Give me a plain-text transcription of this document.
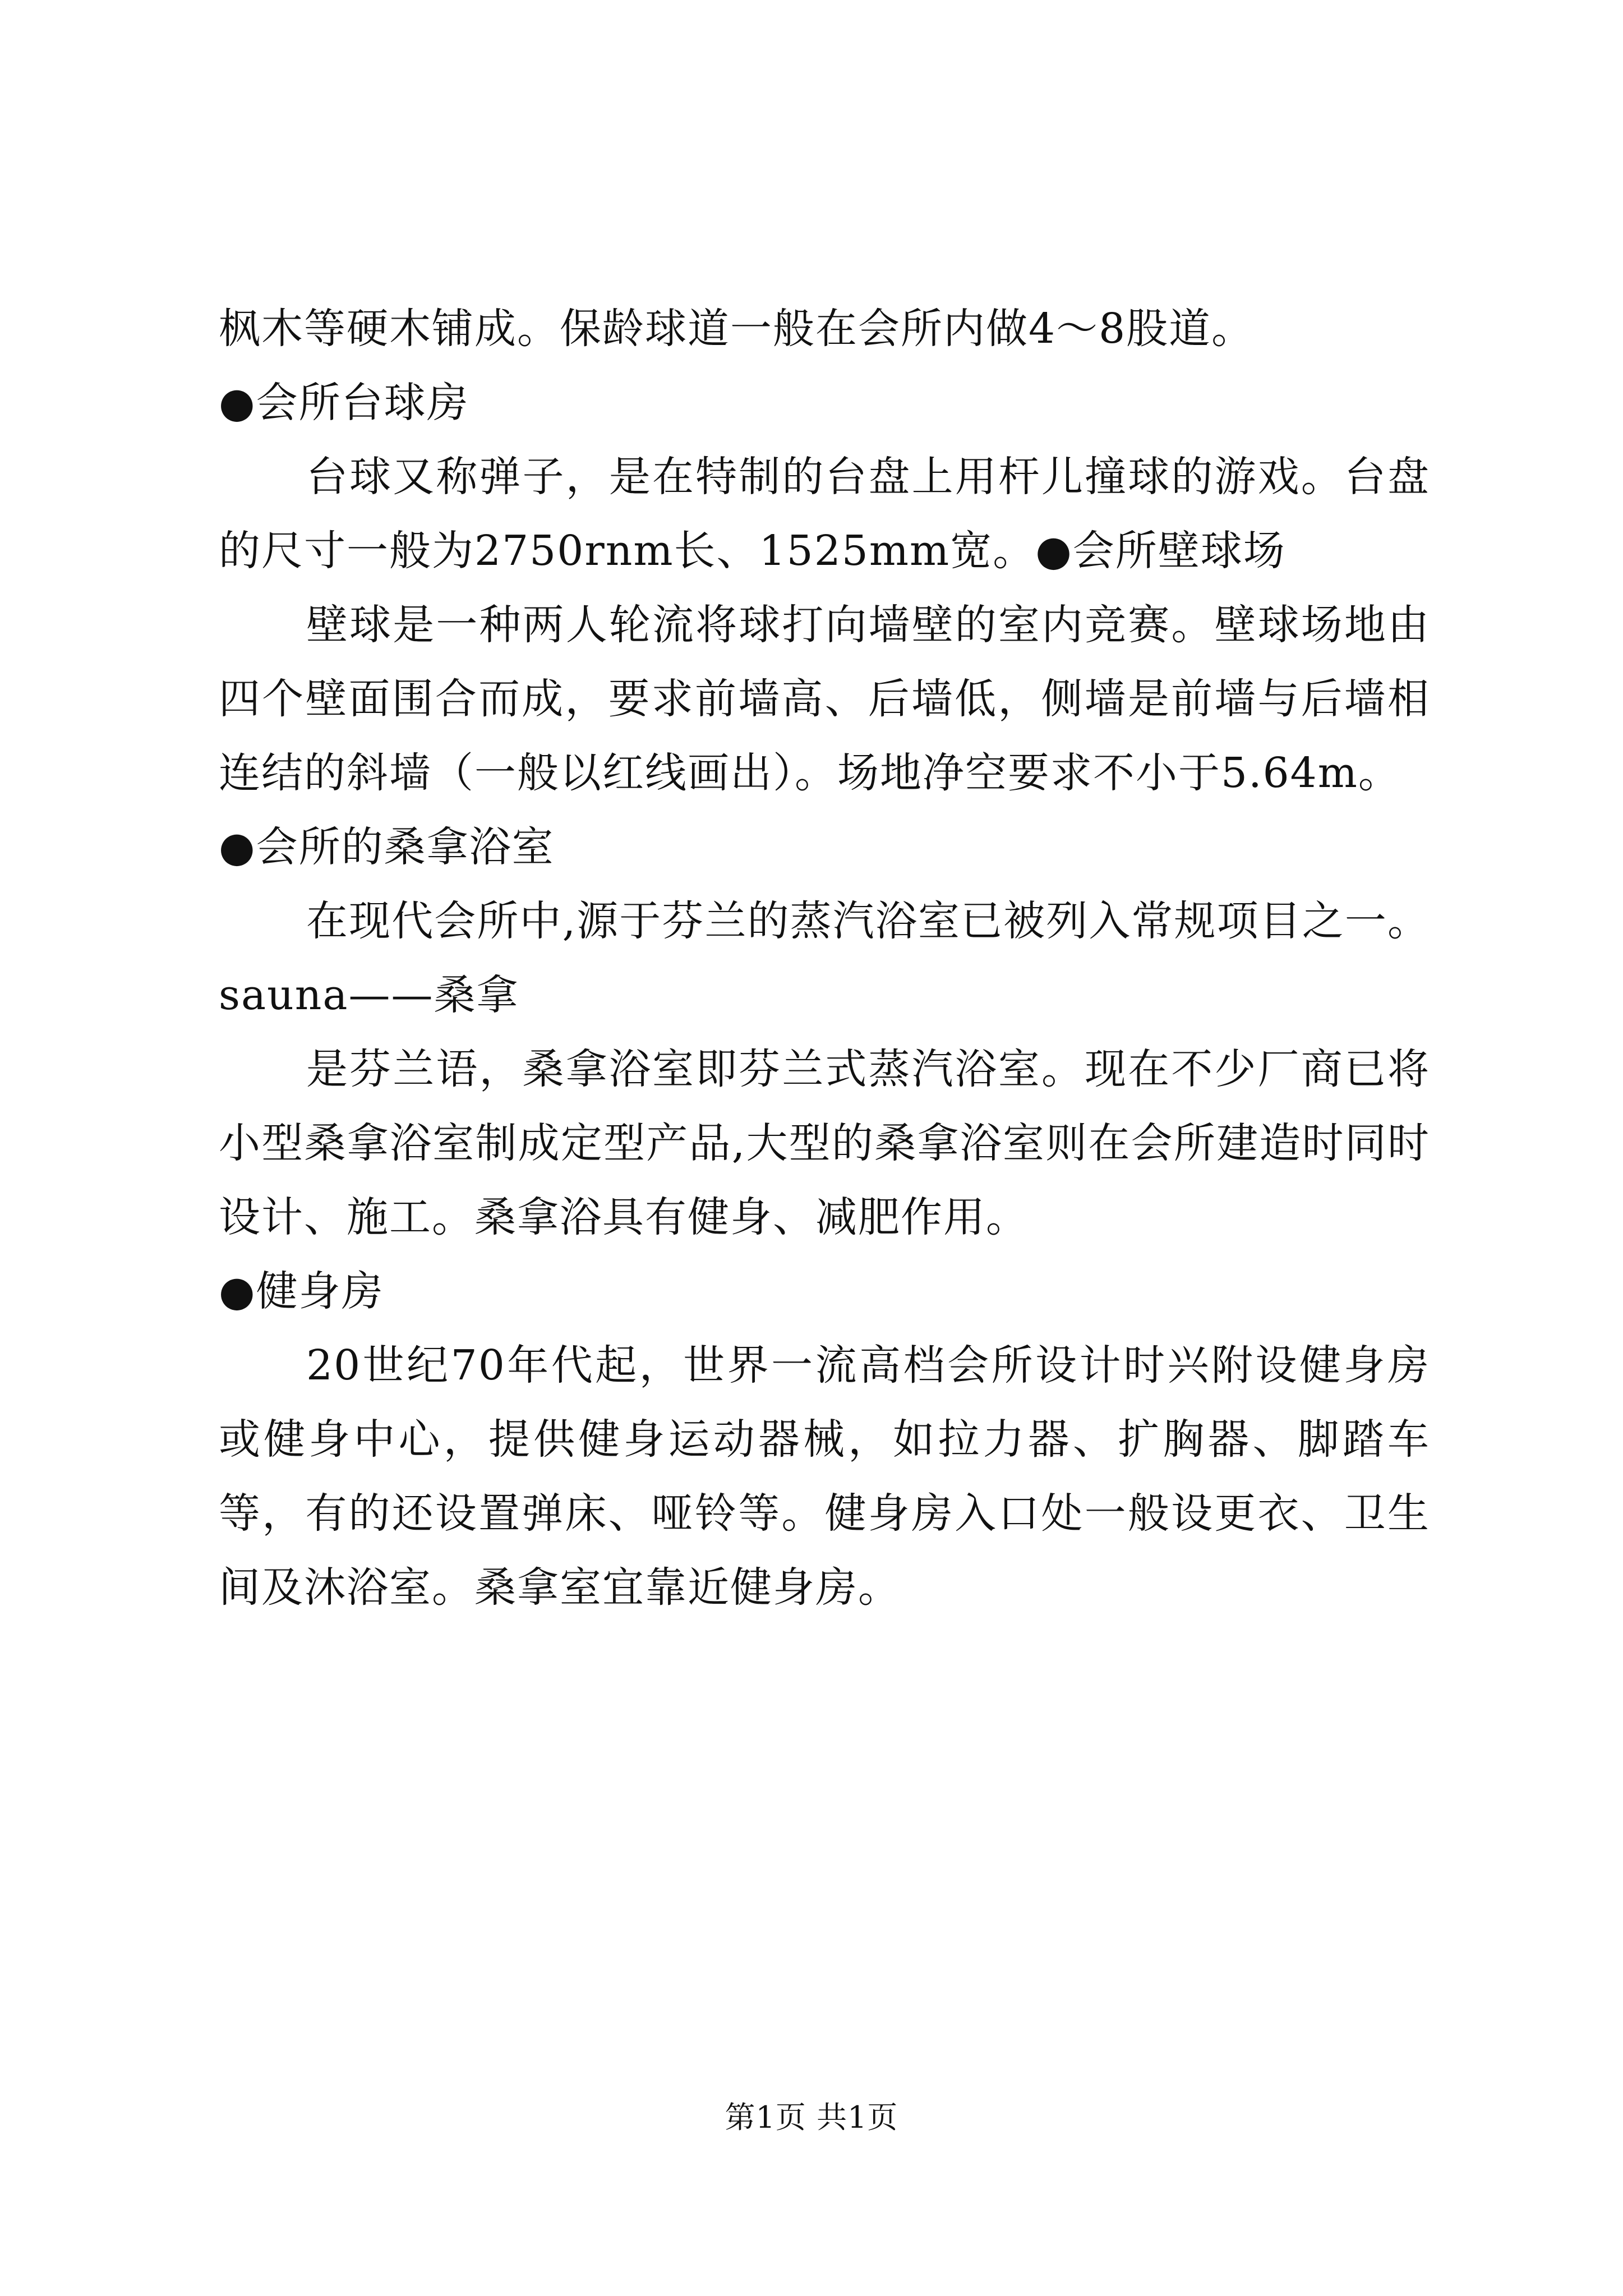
枫木等硬木铺成。保龄球道一般在会所内做4～8股道。

●会所台球房

台球又称弹子，是在特制的台盘上用杆儿撞球的游戏。台盘的尺寸一般为2750rnm长、1525mm宽。●会所壁球场

壁球是一种两人轮流将球打向墙壁的室内竞赛。壁球场地由四个壁面围合而成，要求前墙高、后墙低，侧墙是前墙与后墙相连结的斜墙（一般以红线画出）。场地净空要求不小于5.64m。

●会所的桑拿浴室

在现代会所中,源于芬兰的蒸汽浴室已被列入常规项目之一。sauna——桑拿

是芬兰语，桑拿浴室即芬兰式蒸汽浴室。现在不少厂商已将小型桑拿浴室制成定型产品,大型的桑拿浴室则在会所建造时同时设计、施工。桑拿浴具有健身、减肥作用。

●健身房

20世纪70年代起，世界一流高档会所设计时兴附设健身房或健身中心，提供健身运动器械，如拉力器、扩胸器、脚踏车等，有的还设置弹床、哑铃等。健身房入口处一般设更衣、卫生间及沐浴室。桑拿室宜靠近健身房。

第1页 共1页
